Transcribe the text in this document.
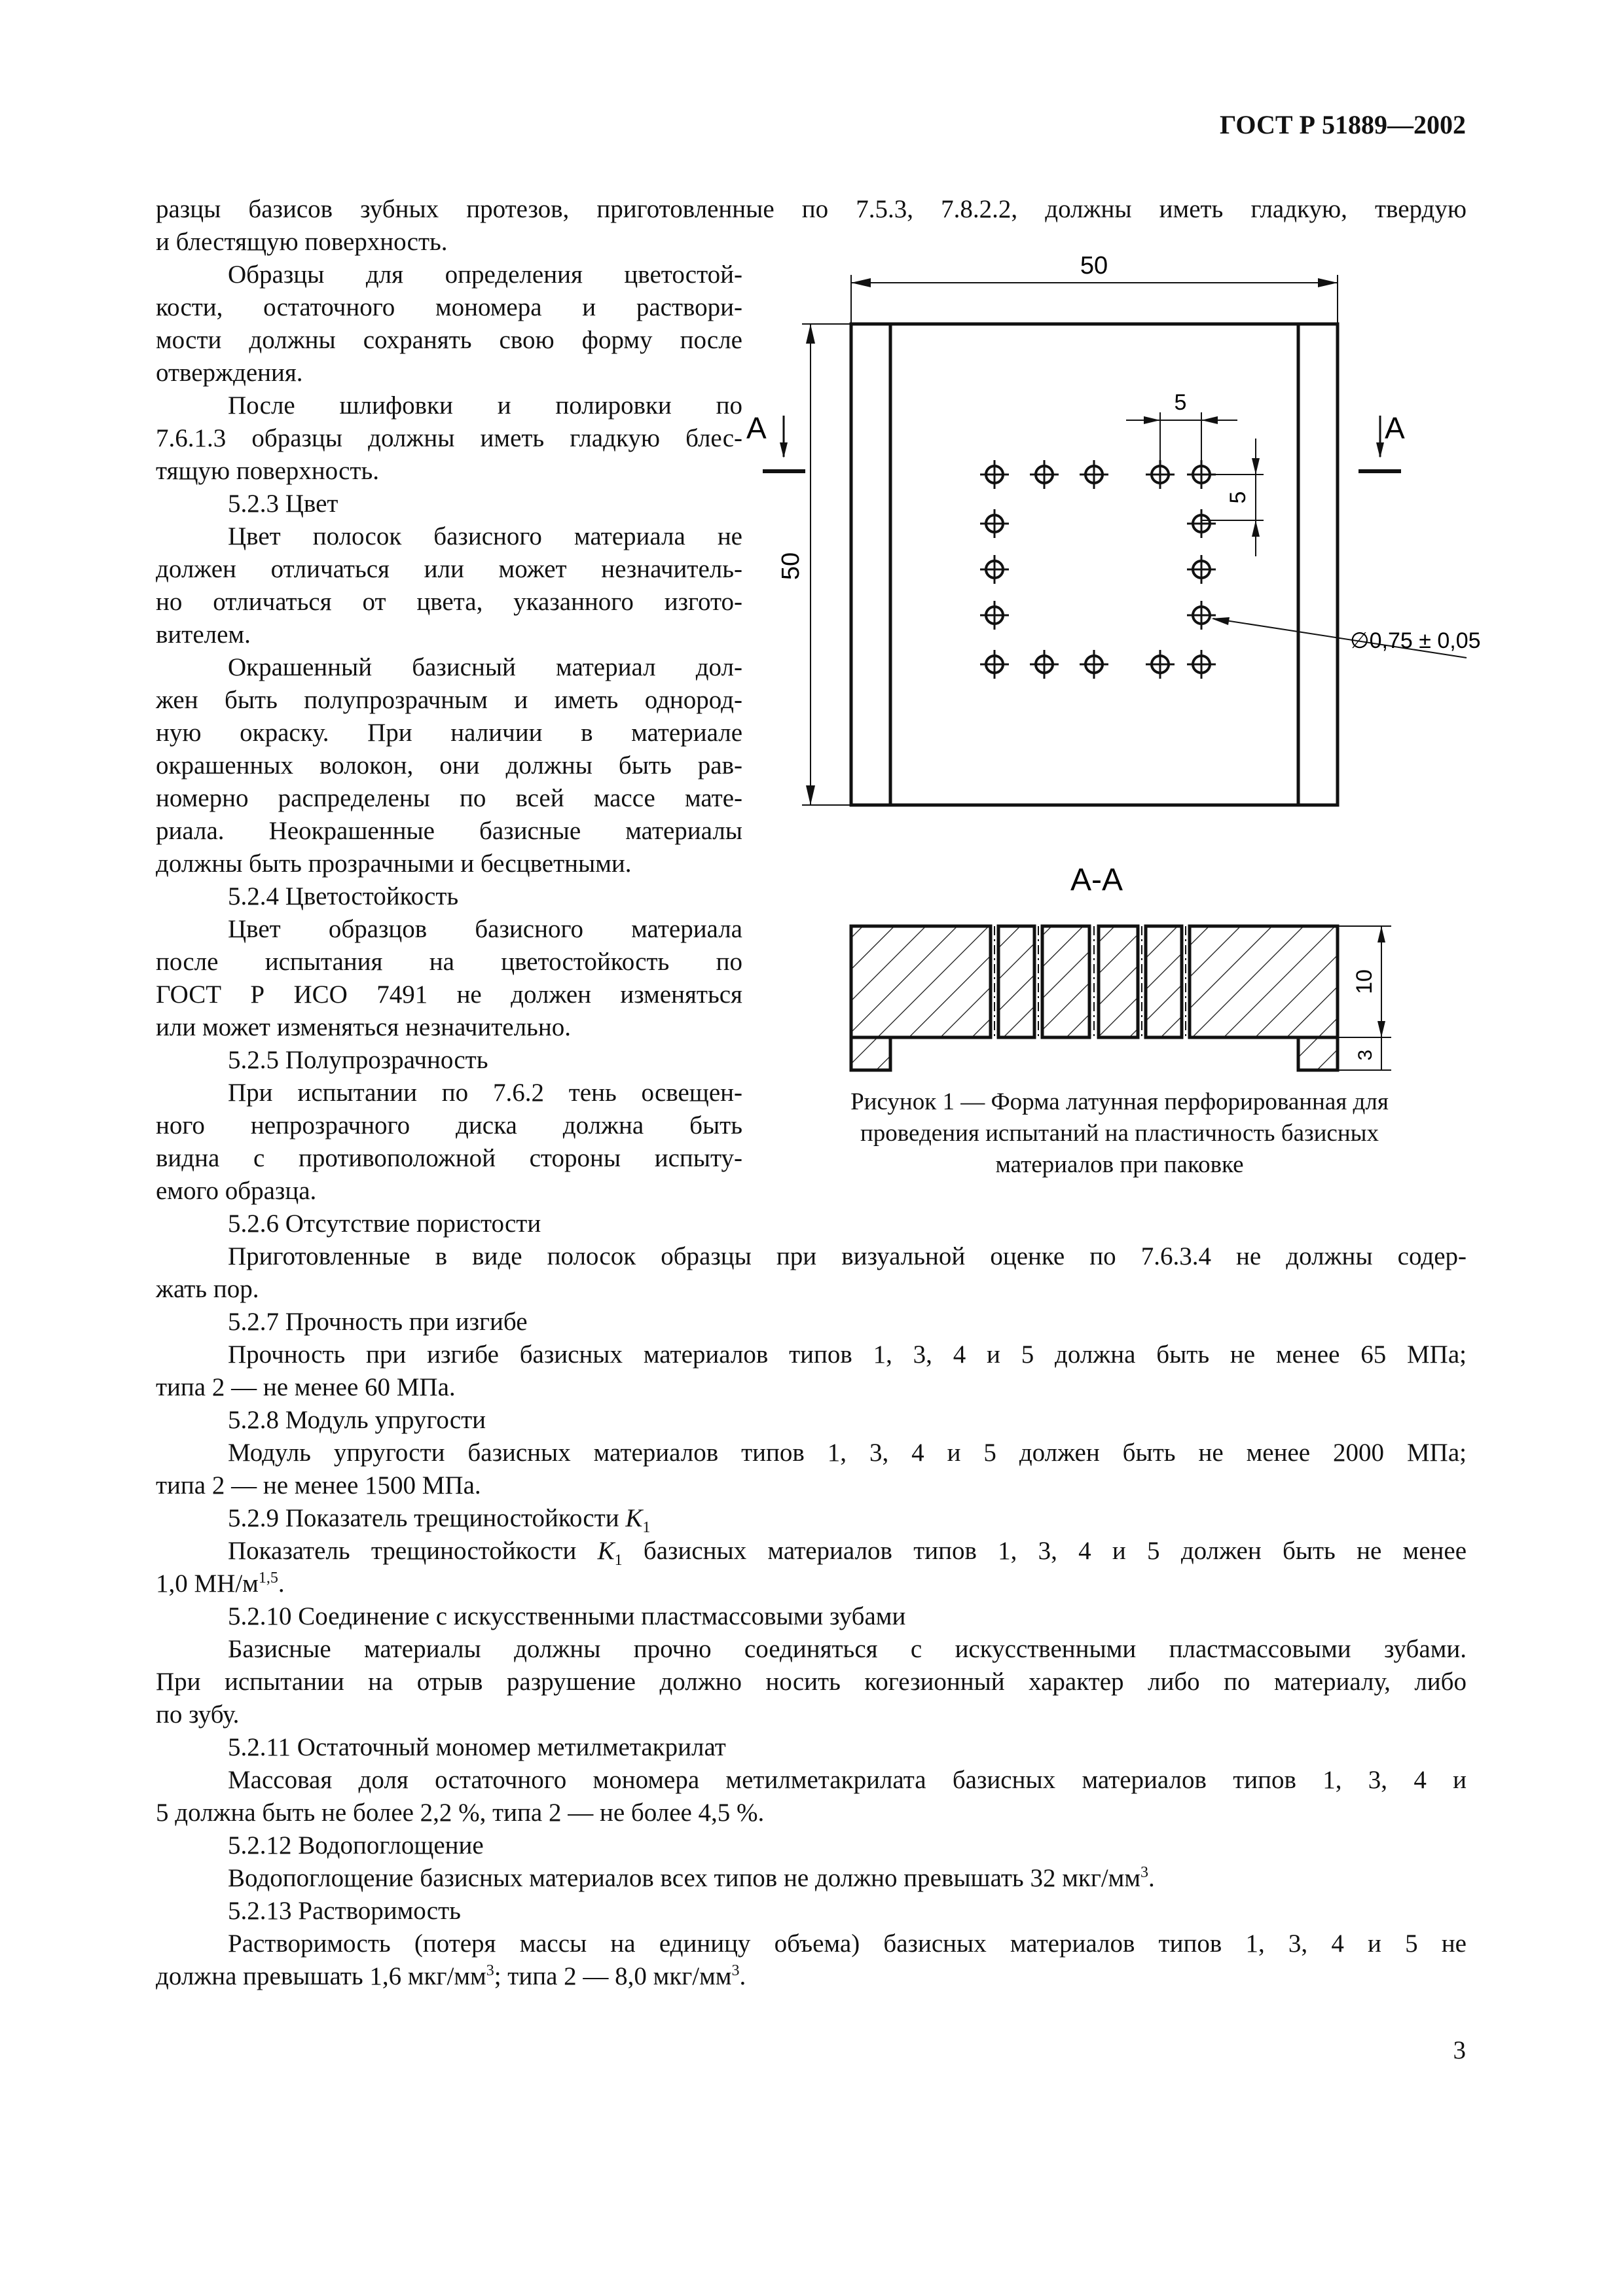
ГОСТ Р 51889—2002

разцы базисов зубных протезов, приготовленные по 7.5.3, 7.8.2.2, должны иметь гладкую, твердую

и блестящую поверхность.

Образцы для определения цветостой-
кости, остаточного мономера и раствори-
мости должны сохранять свою форму после
отверждения.
После шлифовки и полировки по
7.6.1.3 образцы должны иметь гладкую блес-
тящую поверхность.
5.2.3 Цвет
Цвет полосок базисного материала не
должен отличаться или может незначитель-
но отличаться от цвета, указанного изгото-
вителем.
Окрашенный базисный материал дол-
жен быть полупрозрачным и иметь однород-
ную окраску. При наличии в материале
окрашенных волокон, они должны быть рав-
номерно распределены по всей массе мате-
риала. Неокрашенные базисные материалы
должны быть прозрачными и бесцветными.
5.2.4 Цветостойкость
Цвет образцов базисного материала
после испытания на цветостойкость по
ГОСТ Р ИСО 7491 не должен изменяться
или может изменяться незначительно.
5.2.5 Полупрозрачность
При испытании по 7.6.2 тень освещен-
ного непрозрачного диска должна быть
видна с противоположной стороны испыту-
емого образца.
50
50
А	А
5
5
∅0,75 ± 0,05
А-А
10
3
Рисунок 1 — Форма латунная перфорированная для
проведения испытаний на пластичность базисных
материалов при паковке
5.2.6 Отсутствие пористости
Приготовленные в виде полосок образцы при визуальной оценке по 7.6.3.4 не должны содер-
жать пор.
5.2.7 Прочность при изгибе
Прочность при изгибе базисных материалов типов 1, 3, 4 и 5 должна быть не менее 65 МПа;
типа 2 — не менее 60 МПа.
5.2.8 Модуль упругости
Модуль упругости базисных материалов типов 1, 3, 4 и 5 должен быть не менее 2000 МПа;
типа 2 — не менее 1500 МПа.
5.2.9 Показатель трещиностойкости $K_1$
Показатель трещиностойкости $K_1$ базисных материалов типов 1, 3, 4 и 5 должен быть не менее
1,0 $МН/м^{1,5}$.
5.2.10 Соединение с искусственными пластмассовыми зубами
Базисные материалы должны прочно соединяться с искусственными пластмассовыми зубами.
При испытании на отрыв разрушение должно носить когезионный характер либо по материалу, либо
по зубу.
5.2.11 Остаточный мономер метилметакрилат
Массовая доля остаточного мономера метилметакрилата базисных материалов типов 1, 3, 4 и
5 должна быть не более 2,2 %, типа 2 — не более 4,5 %.
5.2.12 Водопоглощение
Водопоглощение базисных материалов всех типов не должно превышать 32 мкг/$мм^3$.
5.2.13 Растворимость
Растворимость (потеря массы на единицу объема) базисных материалов типов 1, 3, 4 и 5 не
должна превышать 1,6 мкг/$мм^3$; типа 2 — 8,0 мкг/$мм^3$.
3
